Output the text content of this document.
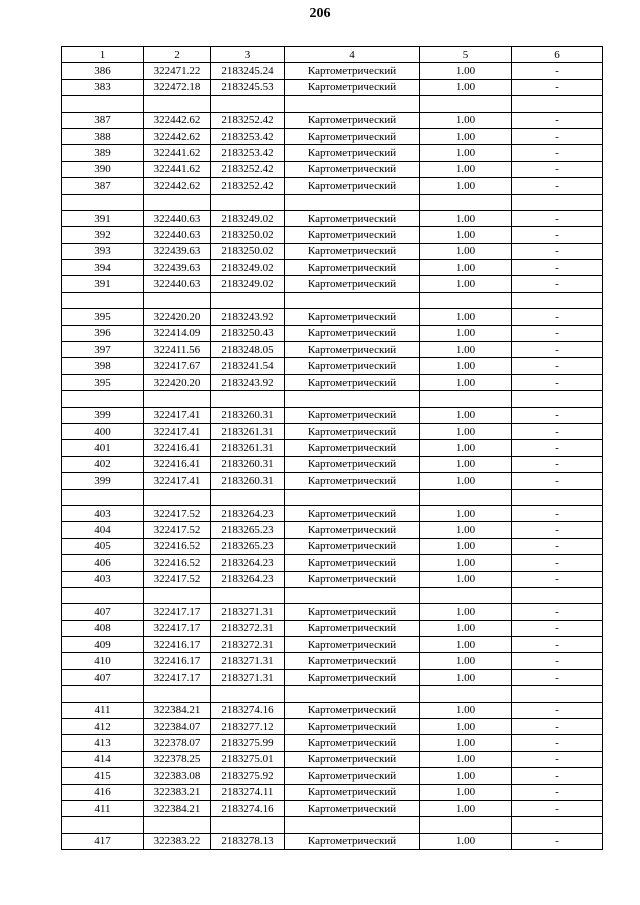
206
1	2	3	4	5	6
386	322471.22	2183245.24	Картометрический	1.00	-
383	322472.18	2183245.53	Картометрический	1.00	-

387	322442.62	2183252.42	Картометрический	1.00	-
388	322442.62	2183253.42	Картометрический	1.00	-
389	322441.62	2183253.42	Картометрический	1.00	-
390	322441.62	2183252.42	Картометрический	1.00	-
387	322442.62	2183252.42	Картометрический	1.00	-

391	322440.63	2183249.02	Картометрический	1.00	-
392	322440.63	2183250.02	Картометрический	1.00	-
393	322439.63	2183250.02	Картометрический	1.00	-
394	322439.63	2183249.02	Картометрический	1.00	-
391	322440.63	2183249.02	Картометрический	1.00	-

395	322420.20	2183243.92	Картометрический	1.00	-
396	322414.09	2183250.43	Картометрический	1.00	-
397	322411.56	2183248.05	Картометрический	1.00	-
398	322417.67	2183241.54	Картометрический	1.00	-
395	322420.20	2183243.92	Картометрический	1.00	-

399	322417.41	2183260.31	Картометрический	1.00	-
400	322417.41	2183261.31	Картометрический	1.00	-
401	322416.41	2183261.31	Картометрический	1.00	-
402	322416.41	2183260.31	Картометрический	1.00	-
399	322417.41	2183260.31	Картометрический	1.00	-

403	322417.52	2183264.23	Картометрический	1.00	-
404	322417.52	2183265.23	Картометрический	1.00	-
405	322416.52	2183265.23	Картометрический	1.00	-
406	322416.52	2183264.23	Картометрический	1.00	-
403	322417.52	2183264.23	Картометрический	1.00	-

407	322417.17	2183271.31	Картометрический	1.00	-
408	322417.17	2183272.31	Картометрический	1.00	-
409	322416.17	2183272.31	Картометрический	1.00	-
410	322416.17	2183271.31	Картометрический	1.00	-
407	322417.17	2183271.31	Картометрический	1.00	-

411	322384.21	2183274.16	Картометрический	1.00	-
412	322384.07	2183277.12	Картометрический	1.00	-
413	322378.07	2183275.99	Картометрический	1.00	-
414	322378.25	2183275.01	Картометрический	1.00	-
415	322383.08	2183275.92	Картометрический	1.00	-
416	322383.21	2183274.11	Картометрический	1.00	-
411	322384.21	2183274.16	Картометрический	1.00	-

417	322383.22	2183278.13	Картометрический	1.00	-
